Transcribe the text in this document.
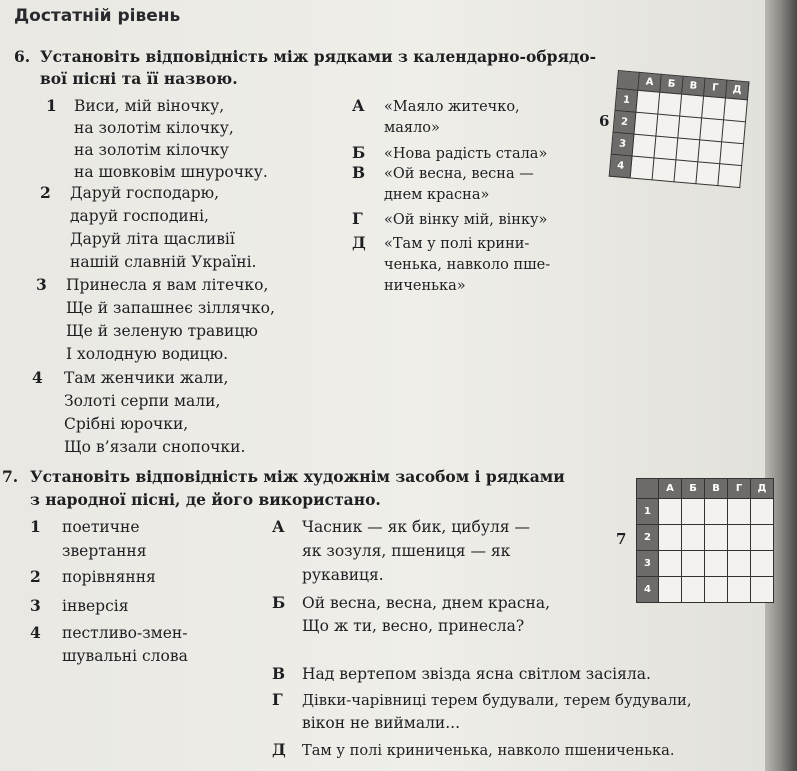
Достатній рівень
6. Установіть відповідність між рядками з календарно-обрядо-
вої пісні та її назвою.
1 Виси, мій віночку,
на золотім кілочку,
на золотім кілочку
на шовковім шнурочку.
2 Даруй господарю,
даруй господині,
Даруй літа щасливії
нашій славній Україні.
3 Принесла я вам літечко,
Ще й запашнеє зіллячко,
Ще й зеленую травицю
І холодную водицю.
4 Там женчики жали,
Золоті серпи мали,
Срібні юрочки,
Що в’язали снопочки.
А «Маяло житечко,
маяло»
Б «Нова радість стала»
В «Ой весна, весна —
днем красна»
Г «Ой вінку мій, вінку»
Д «Там у полі крини-
ченька, навколо пше-
ниченька»
6
	А	Б	В	Г	Д
1					
2					
3					
4					
7. Установіть відповідність між художнім засобом і рядками
з народної пісні, де його використано.
1 поетичне
звертання
2 порівняння
3 інверсія
4 пестливо-змен-
шувальні слова
А Часник — як бик, цибуля —
як зозуля, пшениця — як
рукавиця.
Б Ой весна, весна, днем красна,
Що ж ти, весно, принесла?
В Над вертепом звізда ясна світлом засіяла.
Г Дівки-чарівниці терем будували, терем будували,
вікон не виймали...
Д Там у полі криниченька, навколо пшениченька.
7
	А	Б	В	Г	Д
1					
2					
3					
4					
